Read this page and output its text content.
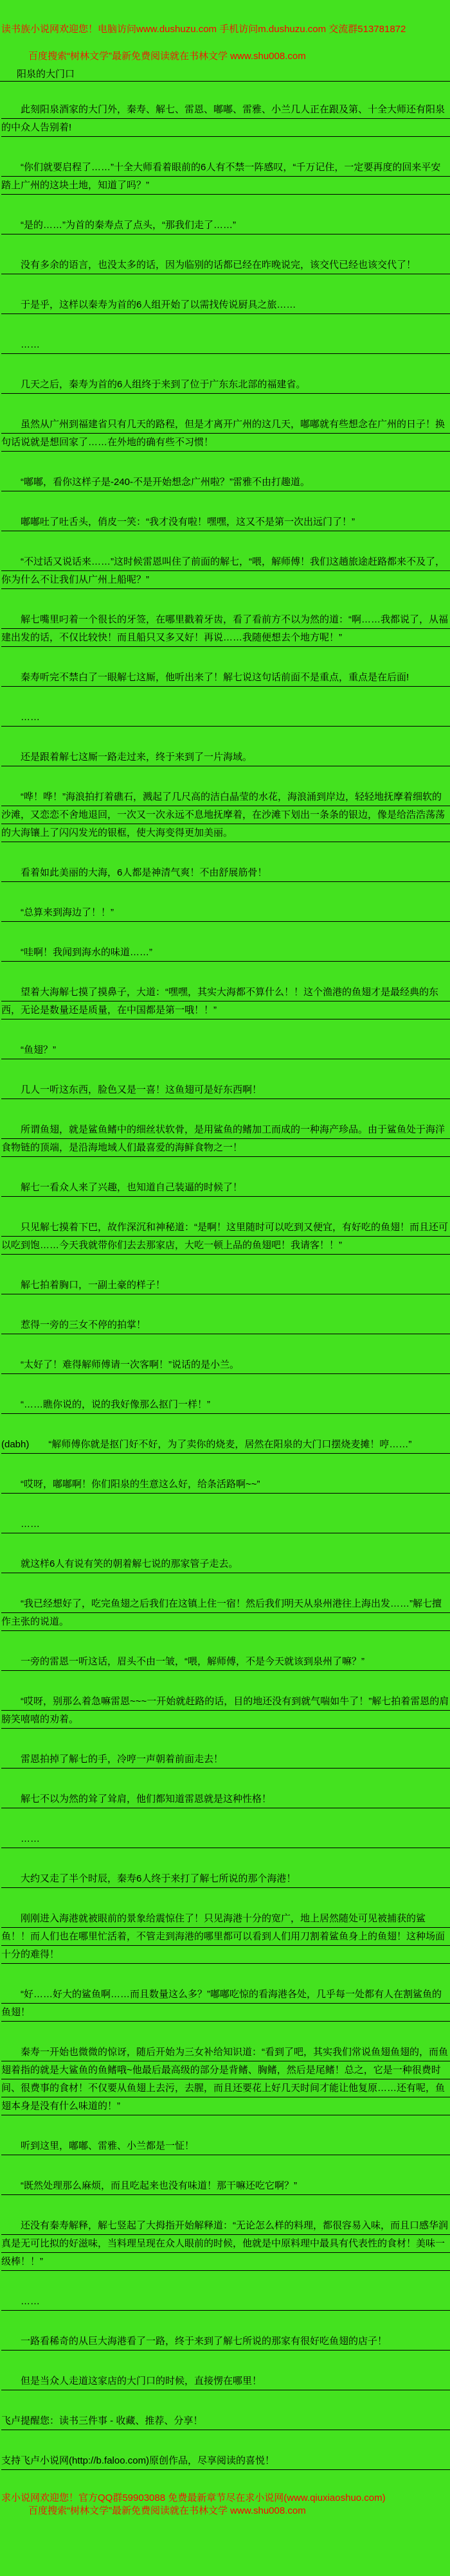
读书族小说网欢迎您！电脑访问www.dushuzu.com 手机访问m.dushuzu.com 交流群513781872
百度搜索“树林文学”最新免费阅读就在书林文学 www.shu008.com
阳泉的大门口

此刻阳泉酒家的大门外，秦寿、解七、雷恩、嘟嘟、雷雅、小兰几人正在跟及第、十全大师还有阳泉的中众人告别着!

“你们就要启程了……”十全大师看着眼前的6人有不禁一阵感叹，“千万记住，一定要再度的回来平安踏上广州的这块土地，知道了吗？”

“是的……”为首的秦寿点了点头，“那我们走了……”

没有多余的语言，也没太多的话，因为临别的话都已经在昨晚说完，该交代已经也该交代了！

于是乎，这样以秦寿为首的6人组开始了以需找传说厨具之旅……

……

几天之后，秦寿为首的6人组终于来到了位于广东东北部的福建省。

虽然从广州到福建省只有几天的路程，但是才离开广州的这几天，嘟嘟就有些想念在广州的日子！换句话说就是想回家了……在外地的确有些不习惯！

“嘟嘟，看你这样子是-240-不是开始想念广州啦？”雷雅不由打趣道。

嘟嘟吐了吐舌头，俏皮一笑：“我才没有啦！嘿嘿，这又不是第一次出远门了！”

“不过话又说话来……”这时候雷恩叫住了前面的解七，“喂，解师傅！我们这趟旅途赶路都来不及了，你为什么不让我们从广州上船呢？”

解七嘴里叼着一个很长的牙签，在哪里戳着牙齿，看了看前方不以为然的道：“啊……我都说了，从福建出发的话，不仅比较快！而且船只又多又好！再说……我随便想去个地方呢！”

秦寿听完不禁白了一眼解七这厮，他听出来了！解七说这句话前面不是重点，重点是在后面!

……

还是跟着解七这厮一路走过来，终于来到了一片海域。

“哗！哗！”海浪拍打着礁石，溅起了几尺高的洁白晶莹的水花，海浪涌到岸边，轻轻地抚摩着细软的沙滩，又恋恋不舍地退回，一次又一次永远不息地抚摩着，在沙滩下划出一条条的银边，像是给浩浩荡荡的大海镶上了闪闪发光的银框，使大海变得更加美丽。

看着如此美丽的大海，6人都是神清气爽！不由舒展筋骨！

“总算来到海边了！！”

“哇啊！我闻到海水的味道……”

望着大海解七摸了摸鼻子，大道：“嘿嘿，其实大海都不算什么！！这个渔港的鱼翅才是最经典的东西，无论是数量还是质量，在中国都是第一哦！！”

“鱼翅？”

几人一听这东西，脸色又是一喜！这鱼翅可是好东西啊！

所谓鱼翅，就是鲨鱼鳍中的细丝状软骨，是用鲨鱼的鳍加工而成的一种海产珍品。由于鲨鱼处于海洋食物链的顶端，是沿海地域人们最喜爱的海鲜食物之一！

解七一看众人来了兴趣，也知道自己装逼的时候了！

只见解七摸着下巴，故作深沉和神秘道：“是啊！这里随时可以吃到又便宜，有好吃的鱼翅！而且还可以吃到饱……今天我就带你们去去那家店，大吃一顿上品的鱼翅吧！我请客！！”

解七拍着胸口，一副土豪的样子！

惹得一旁的三女不停的拍掌！

“太好了！难得解师傅请一次客啊！”说话的是小兰。

“……瞧你说的，说的我好像那么抠门一样！”

(dabh)　　“解师傅你就是抠门好不好，为了卖你的烧麦，居然在阳泉的大门口摆烧麦摊！哼……”

“哎呀，嘟嘟啊！你们阳泉的生意这么好，给条活路啊~~”

……

就这样6人有说有笑的朝着解七说的那家管子走去。

“我已经想好了，吃完鱼翅之后我们在这镇上住一宿！然后我们明天从泉州港往上海出发……”解七擅作主张的说道。

一旁的雷恩一听这话，眉头不由一皱，“喂，解师傅，不是今天就该到泉州了嘛？”

“哎呀，别那么着急嘛雷恩~~~一开始就赶路的话，目的地还没有到就气喘如牛了！”解七拍着雷恩的肩膀笑嘻嘻的劝着。

雷恩拍掉了解七的手，冷哼一声朝着前面走去！

解七不以为然的耸了耸肩，他们都知道雷恩就是这种性格！

……

大约又走了半个时辰，秦寿6人终于来打了解七所说的那个海港！

刚刚进入海港就被眼前的景象给震惊住了！只见海港十分的宽广，地上居然随处可见被捕获的鲨鱼！！而人们也在哪里忙活着，不管走到海港的哪里都可以看到人们用刀割着鲨鱼身上的鱼翅！这种场面十分的难得！

“好……好大的鲨鱼啊……而且数量这么多？”嘟嘟吃惊的看海港各处，几乎每一处都有人在割鲨鱼的鱼翅！

秦寿一开始也微微的惊讶，随后开始为三女补给知识道：“看到了吧，其实我们常说鱼翅鱼翅的，而鱼翅着指的就是大鲨鱼的鱼鳍哦~他最后最高级的部分是背鳍、胸鳍，然后是尾鳍！总之，它是一种很费时间、很费事的食材！不仅要从鱼翅上去污，去腥，而且还要花上好几天时间才能让他复原……还有呢，鱼翅本身是没有什么味道的！”

听到这里，嘟嘟、雷雅、小兰都是一怔！

“既然处理那么麻烦，而且吃起来也没有味道！那干嘛还吃它啊？”

还没有秦寿解释，解七竖起了大拇指开始解释道：“无论怎么样的料理，都很容易入味，而且口感华润真是无可比拟的好滋味，当料理呈现在众人眼前的时候，他就是中原料理中最具有代表性的食材！美味一级棒！！”

……

一路看稀奇的从巨大海港看了一路，终于来到了解七所说的那家有很好吃鱼翅的店子！

但是当众人走道这家店的大门口的时候，直接愣在哪里！

飞卢提醒您：读书三件事 - 收藏、推荐、分享！

支持飞卢小说网(http://b.faloo.com)原创作品，尽享阅读的喜悦！

求小说网欢迎您！官方QQ群59903088 免费最新章节尽在求小说网(www.qiuxiaoshuo.com)
百度搜索“树林文学”最新免费阅读就在书林文学 www.shu008.com
